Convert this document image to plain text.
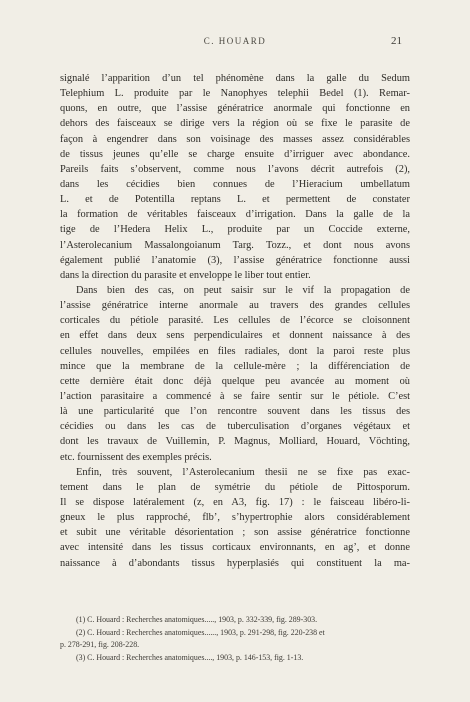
C. HOUARD	21
signalé l’apparition d’un tel phénomène dans la galle du Sedum
Telephium L. produite par le Nanophyes telephii Bedel (1). Remar-
quons, en outre, que l’assise génératrice anormale qui fonctionne en
dehors des faisceaux se dirige vers la région où se fixe le parasite de
façon à engendrer dans son voisinage des masses assez considérables
de tissus jeunes qu’elle se charge ensuite d’irriguer avec abondance.
Pareils faits s’observent, comme nous l’avons décrit autrefois (2),
dans les cécidies bien connues de l’Hieracium umbellatum
L. et de Potentilla reptans L. et permettent de constater
la formation de véritables faisceaux d’irrigation. Dans la galle de la
tige de l’Hedera Helix L., produite par un Coccide externe,
l’Asterolecanium Massalongoianum Targ. Tozz., et dont nous avons
également publié l’anatomie (3), l’assise génératrice fonctionne aussi
dans la direction du parasite et enveloppe le liber tout entier.
Dans bien des cas, on peut saisir sur le vif la propagation de
l’assise génératrice interne anormale au travers des grandes cellules
corticales du pétiole parasité. Les cellules de l’écorce se cloisonnent
en effet dans deux sens perpendiculaires et donnent naissance à des
cellules nouvelles, empilées en files radiales, dont la paroi reste plus
mince que la membrane de la cellule-mère ; la différenciation de
cette dernière était donc déjà quelque peu avancée au moment où
l’action parasitaire a commencé à se faire sentir sur le pétiole. C’est
là une particularité que l’on rencontre souvent dans les tissus des
cécidies ou dans les cas de tuberculisation d’organes végétaux et
dont les travaux de Vuillemin, P. Magnus, Molliard, Houard, Vöchting,
etc. fournissent des exemples précis.
Enfin, très souvent, l’Asterolecanium thesii ne se fixe pas exac-
tement dans le plan de symétrie du pétiole de Pittosporum.
Il se dispose latéralement (z, en A3, fig. 17) : le faisceau libéro-li-
gneux le plus rapproché, flb’, s’hypertrophie alors considérablement
et subit une véritable désorientation ; son assise génératrice fonctionne
avec intensité dans les tissus corticaux environnants, en ag’, et donne
naissance à d’abondants tissus hyperplasiés qui constituent la ma-
(1) C. Houard : Recherches anatomiques....., 1903, p. 332-339, fig. 289-303.
(2) C. Houard : Recherches anatomiques......, 1903, p. 291-298, fig. 220-238 et
p. 278-291, fig. 208-228.
(3) C. Houard : Recherches anatomiques...., 1903, p. 146-153, fig. 1-13.
